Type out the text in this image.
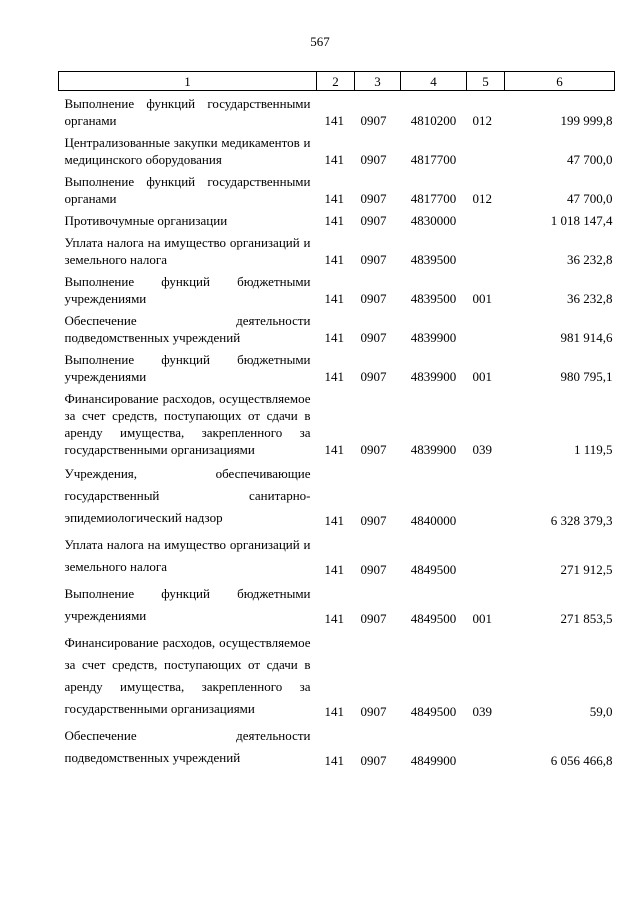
567
1	2	3	4	5	6
Выполнение функций государственными органами	141	0907	4810200	012	199 999,8
Централизованные закупки медикаментов и медицинского оборудования	141	0907	4817700		47 700,0
Выполнение функций государственными органами	141	0907	4817700	012	47 700,0
Противочумные организации	141	0907	4830000		1 018 147,4
Уплата налога на имущество организаций и земельного налога	141	0907	4839500		36 232,8
Выполнение функций бюджетными учреждениями	141	0907	4839500	001	36 232,8
Обеспечение деятельности подведомственных учреждений	141	0907	4839900		981 914,6
Выполнение функций бюджетными учреждениями	141	0907	4839900	001	980 795,1
Финансирование расходов, осуществляемое за счет средств, поступающих от сдачи в аренду имущества, закрепленного за государственными организациями	141	0907	4839900	039	1 119,5
Учреждения, обеспечивающие государственный санитарно-эпидемиологический надзор	141	0907	4840000		6 328 379,3
Уплата налога на имущество организаций и земельного налога	141	0907	4849500		271 912,5
Выполнение функций бюджетными учреждениями	141	0907	4849500	001	271 853,5
Финансирование расходов, осуществляемое за счет средств, поступающих от сдачи в аренду имущества, закрепленного за государственными организациями	141	0907	4849500	039	59,0
Обеспечение деятельности подведомственных учреждений	141	0907	4849900		6 056 466,8
